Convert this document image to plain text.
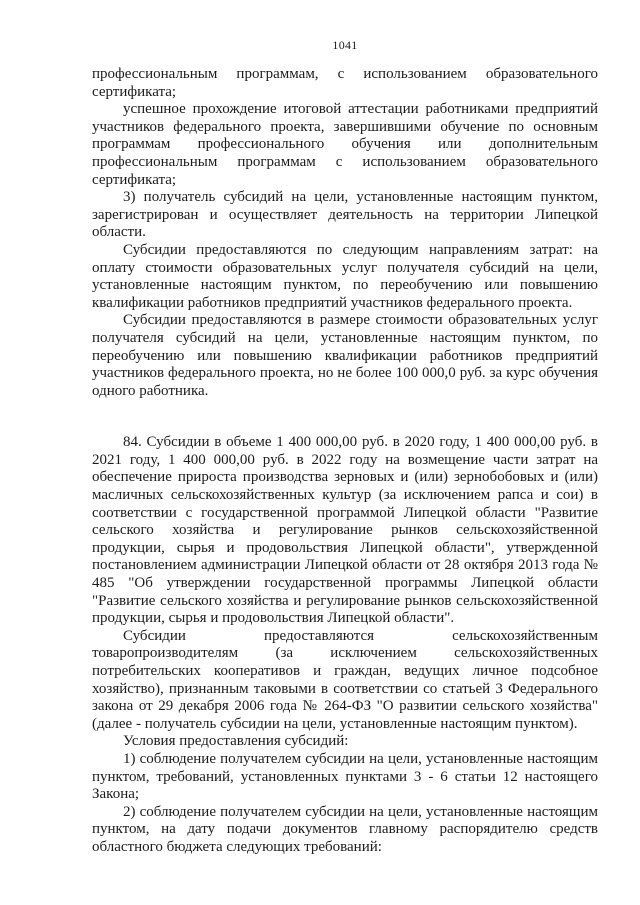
1041

профессиональным программам, с использованием образовательного сертификата;

успешное прохождение итоговой аттестации работниками предприятий участников федерального проекта, завершившими обучение по основным программам профессионального обучения или дополнительным профессиональным программам с использованием образовательного сертификата;

3) получатель субсидий на цели, установленные настоящим пунктом, зарегистрирован и осуществляет деятельность на территории Липецкой области.

Субсидии предоставляются по следующим направлениям затрат: на оплату стоимости образовательных услуг получателя субсидий на цели, установленные настоящим пунктом, по переобучению или повышению квалификации работников предприятий участников федерального проекта.

Субсидии предоставляются в размере стоимости образовательных услуг получателя субсидий на цели, установленные настоящим пунктом, по переобучению или повышению квалификации работников предприятий участников федерального проекта, но не более 100 000,0 руб. за курс обучения одного работника.

84. Субсидии в объеме 1 400 000,00 руб. в 2020 году, 1 400 000,00 руб. в 2021 году, 1 400 000,00 руб. в 2022 году на возмещение части затрат на обеспечение прироста производства зерновых и (или) зернобобовых и (или) масличных сельскохозяйственных культур (за исключением рапса и сои) в соответствии с государственной программой Липецкой области "Развитие сельского хозяйства и регулирование рынков сельскохозяйственной продукции, сырья и продовольствия Липецкой области", утвержденной постановлением администрации Липецкой области от 28 октября 2013 года № 485 "Об утверждении государственной программы Липецкой области "Развитие сельского хозяйства и регулирование рынков сельскохозяйственной продукции, сырья и продовольствия Липецкой области".

Субсидии предоставляются сельскохозяйственным товаропроизводителям (за исключением сельскохозяйственных потребительских кооперативов и граждан, ведущих личное подсобное хозяйство), признанным таковыми в соответствии со статьей 3 Федерального закона от 29 декабря 2006 года № 264-ФЗ "О развитии сельского хозяйства" (далее - получатель субсидии на цели, установленные настоящим пунктом).

Условия предоставления субсидий:

1) соблюдение получателем субсидии на цели, установленные настоящим пунктом, требований, установленных пунктами 3 - 6 статьи 12 настоящего Закона;

2) соблюдение получателем субсидии на цели, установленные настоящим пунктом, на дату подачи документов главному распорядителю средств областного бюджета следующих требований:
